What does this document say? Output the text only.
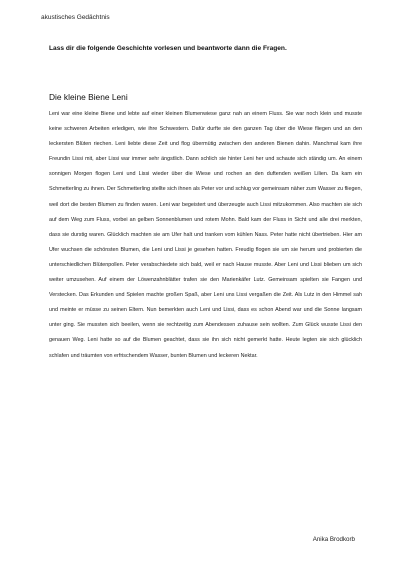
akustisches Gedächtnis
Lass dir die folgende Geschichte vorlesen und beantworte dann die Fragen.
Die kleine Biene Leni

Leni war eine kleine Biene und lebte auf einer kleinen Blumenwiese ganz nah an einem Fluss. Sie war noch klein und musste keine schweren Arbeiten erledigen, wie ihre Schwestern. Dafür durfte sie den ganzen Tag über die Wiese fliegen und an den leckersten Blüten riechen. Leni liebte diese Zeit und flog übermütig zwischen den anderen Bienen dahin. Manchmal kam ihre Freundin Lissi mit, aber Lissi war immer sehr ängstlich. Dann schlich sie hinter Leni her und schaute sich ständig um. An einem sonnigen Morgen flogen Leni und Lissi wieder über die Wiese und rochen an den duftenden weißen Lilien. Da kam ein Schmetterling zu ihnen. Der Schmetterling stellte sich ihnen als Peter vor und schlug vor gemeinsam näher zum Wasser zu fliegen, weil dort die besten Blumen zu finden waren. Leni war begeistert und überzeugte auch Lissi mitzukommen. Also machten sie sich auf dem Weg zum Fluss, vorbei an gelben Sonnenblumen und rotem Mohn. Bald kam der Fluss in Sicht und alle drei merkten, dass sie durstig waren. Glücklich machten sie am Ufer halt und tranken vom kühlen Nass. Peter hatte nicht übertrieben. Hier am Ufer wuchsen die schönsten Blumen, die Leni und Lissi je gesehen hatten. Freudig flogen sie um sie herum und probierten die unterschiedlichen Blütenpollen. Peter verabschiedete sich bald, weil er nach Hause musste. Aber Leni und Lissi blieben um sich weiter umzusehen. Auf einem der Löwenzahnblätter trafen sie den Marienkäfer Lutz. Gemeinsam spielten sie Fangen und Verstecken. Das Erkunden und Spielen machte großen Spaß, aber Leni uns Lissi vergaßen die Zeit. Als Lutz in den Himmel sah und meinte er müsse zu seinen Eltern. Nun bemerkten auch Leni und Lissi, dass es schon Abend war und die Sonne langsam unter ging. Sie mussten sich beeilen, wenn sie rechtzeitig zum Abendessen zuhause sein wollten. Zum Glück wusste Lissi den genauen Weg. Leni hatte so auf die Blumen geachtet, dass sie ihn sich nicht gemerkt hatte. Heute legten sie sich glücklich schlafen und träumten von erfrischendem Wasser, bunten Blumen und leckeren Nektar.

Anika Brodkorb
